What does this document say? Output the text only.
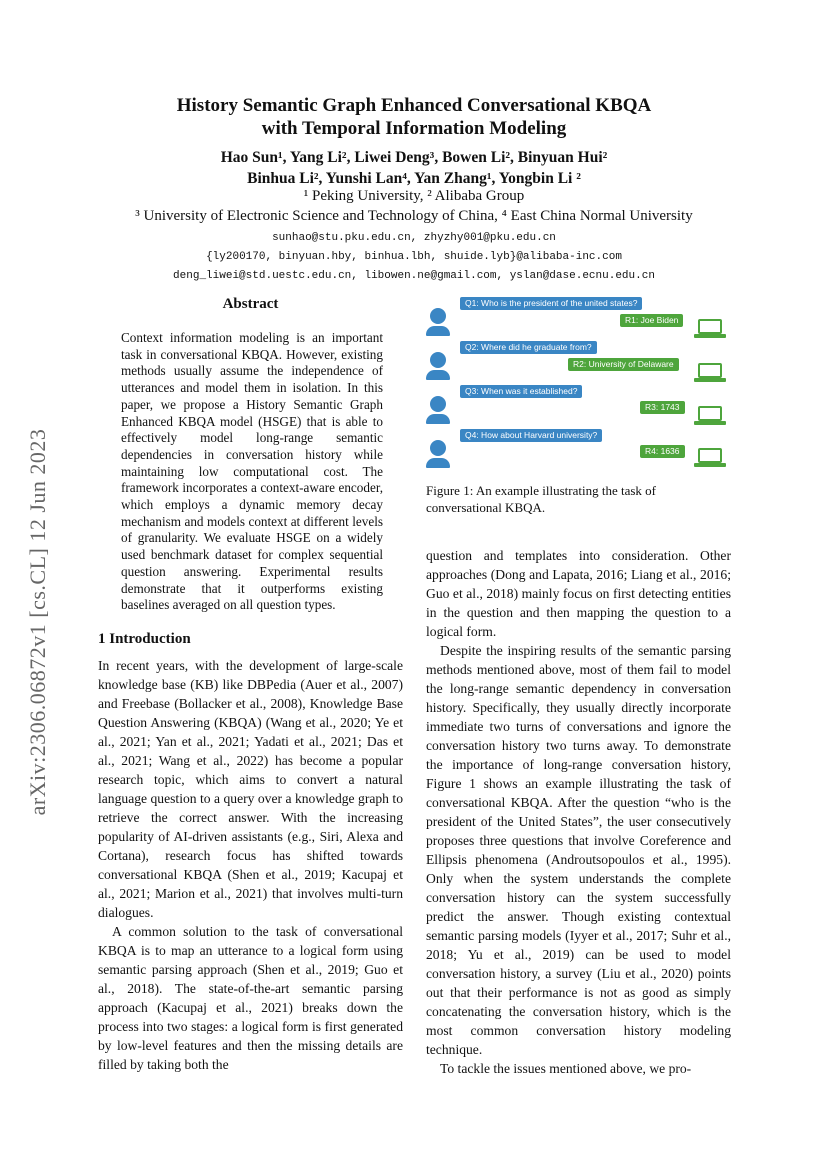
History Semantic Graph Enhanced Conversational KBQA
with Temporal Information Modeling
Hao Sun¹, Yang Li², Liwei Deng³, Bowen Li², Binyuan Hui²
Binhua Li², Yunshi Lan⁴, Yan Zhang¹, Yongbin Li ²
¹ Peking University, ² Alibaba Group
³ University of Electronic Science and Technology of China, ⁴ East China Normal University
sunhao@stu.pku.edu.cn, zhyzhy001@pku.edu.cn
{ly200170, binyuan.hby, binhua.lbh, shuide.lyb}@alibaba-inc.com
deng_liwei@std.uestc.edu.cn, libowen.ne@gmail.com, yslan@dase.ecnu.edu.cn
arXiv:2306.06872v1 [cs.CL] 12 Jun 2023
Abstract
Context information modeling is an important task in conversational KBQA. However, existing methods usually assume the independence of utterances and model them in isolation. In this paper, we propose a History Semantic Graph Enhanced KBQA model (HSGE) that is able to effectively model long-range semantic dependencies in conversation history while maintaining low computational cost. The framework incorporates a context-aware encoder, which employs a dynamic memory decay mechanism and models context at different levels of granularity. We evaluate HSGE on a widely used benchmark dataset for complex sequential question answering. Experimental results demonstrate that it outperforms existing baselines averaged on all question types.
1 Introduction

In recent years, with the development of large-scale knowledge base (KB) like DBPedia (Auer et al., 2007) and Freebase (Bollacker et al., 2008), Knowledge Base Question Answering (KBQA) (Wang et al., 2020; Ye et al., 2021; Yan et al., 2021; Yadati et al., 2021; Das et al., 2021; Wang et al., 2022) has become a popular research topic, which aims to convert a natural language question to a query over a knowledge graph to retrieve the correct answer. With the increasing popularity of AI-driven assistants (e.g., Siri, Alexa and Cortana), research focus has shifted towards conversational KBQA (Shen et al., 2019; Kacupaj et al., 2021; Marion et al., 2021) that involves multi-turn dialogues.

A common solution to the task of conversational KBQA is to map an utterance to a logical form using semantic parsing approach (Shen et al., 2019; Guo et al., 2018). The state-of-the-art semantic parsing approach (Kacupaj et al., 2021) breaks down the process into two stages: a logical form is first generated by low-level features and then the missing details are filled by taking both the

Q1: Who is the president of the united states?
R1: Joe Biden
Q2: Where did he graduate from?
R2: University of Delaware
Q3: When was it established?
R3: 1743
Q4: How about Harvard university?
R4: 1636
Figure 1: An example illustrating the task of conversational KBQA.

question and templates into consideration. Other approaches (Dong and Lapata, 2016; Liang et al., 2016; Guo et al., 2018) mainly focus on first detecting entities in the question and then mapping the question to a logical form.

Despite the inspiring results of the semantic parsing methods mentioned above, most of them fail to model the long-range semantic dependency in conversation history. Specifically, they usually directly incorporate immediate two turns of conversations and ignore the conversation history two turns away. To demonstrate the importance of long-range conversation history, Figure 1 shows an example illustrating the task of conversational KBQA. After the question “who is the president of the United States”, the user consecutively proposes three questions that involve Coreference and Ellipsis phenomena (Androutsopoulos et al., 1995). Only when the system understands the complete conversation history can the system successfully predict the answer. Though existing contextual semantic parsing models (Iyyer et al., 2017; Suhr et al., 2018; Yu et al., 2019) can be used to model conversation history, a survey (Liu et al., 2020) points out that their performance is not as good as simply concatenating the conversation history, which is the most common conversation history modeling technique.

To tackle the issues mentioned above, we pro-
